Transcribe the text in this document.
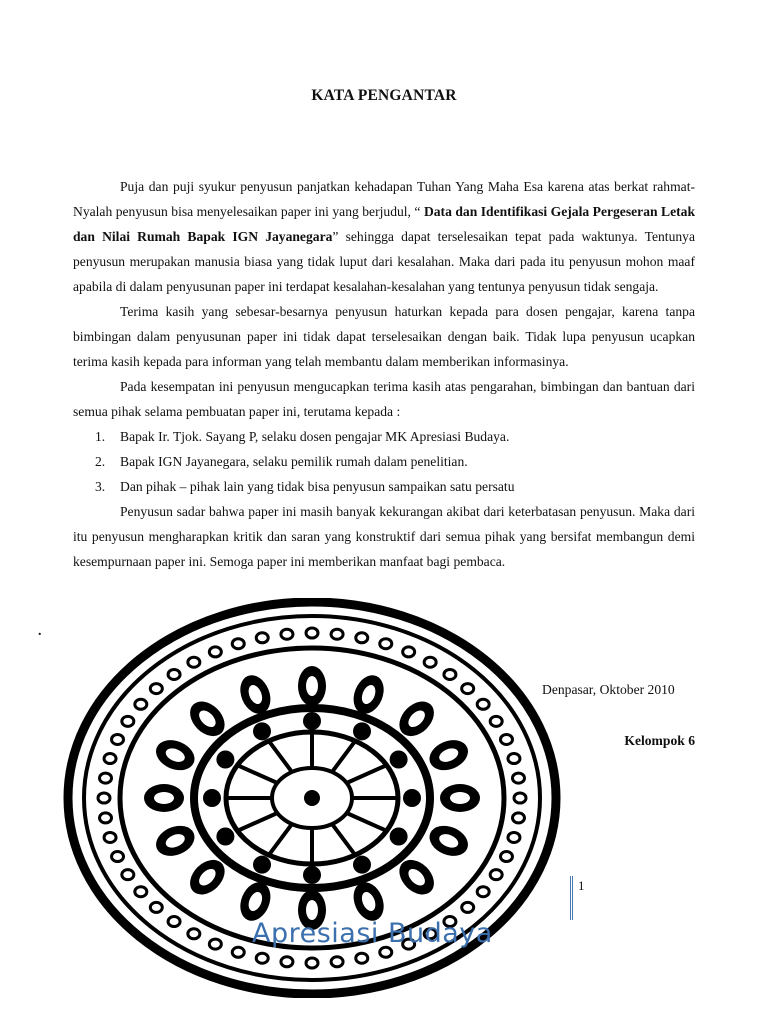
KATA PENGANTAR

Puja dan puji syukur penyusun panjatkan kehadapan Tuhan Yang Maha Esa karena atas berkat rahmat-Nyalah penyusun bisa menyelesaikan paper ini yang berjudul, “ Data dan Identifikasi Gejala Pergeseran Letak dan Nilai Rumah Bapak IGN Jayanegara” sehingga dapat terselesaikan tepat pada waktunya. Tentunya penyusun merupakan manusia biasa yang tidak luput dari kesalahan. Maka dari pada itu penyusun mohon maaf apabila di dalam penyusunan paper ini terdapat kesalahan-kesalahan yang tentunya penyusun tidak sengaja.

Terima kasih yang sebesar-besarnya penyusun haturkan kepada para dosen pengajar, karena tanpa bimbingan dalam penyusunan paper ini tidak dapat terselesaikan dengan baik. Tidak lupa penyusun ucapkan terima kasih kepada para informan yang telah membantu dalam memberikan informasinya.

Pada kesempatan ini penyusun mengucapkan terima kasih atas pengarahan, bimbingan dan bantuan dari semua pihak selama pembuatan paper ini, terutama kepada :

1.	Bapak Ir. Tjok. Sayang P, selaku dosen pengajar MK Apresiasi Budaya.
2.	Bapak IGN Jayanegara, selaku pemilik rumah dalam penelitian.
3.	Dan pihak – pihak lain yang tidak bisa penyusun sampaikan satu persatu

Penyusun sadar bahwa paper ini masih banyak kekurangan akibat dari keterbatasan penyusun. Maka dari itu penyusun mengharapkan kritik dan saran yang konstruktif dari semua pihak yang bersifat membangun demi kesempurnaan paper ini. Semoga paper ini memberikan manfaat bagi pembaca.

.
Denpasar, Oktober 2010
Kelompok 6
1
Apresiasi Budaya
